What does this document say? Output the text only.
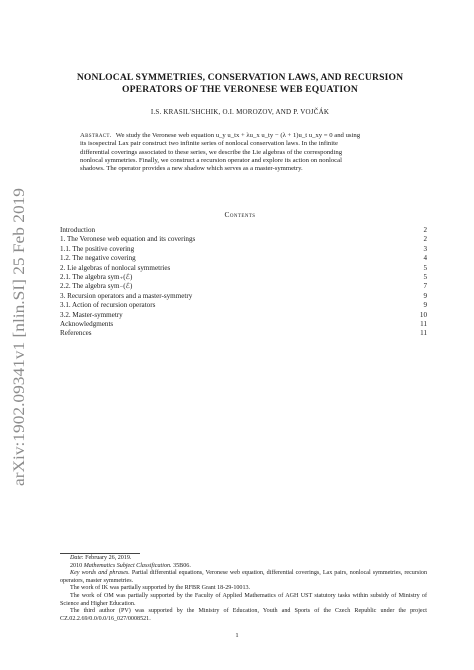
arXiv:1902.09341v1 [nlin.SI] 25 Feb 2019
NONLOCAL SYMMETRIES, CONSERVATION LAWS, AND RECURSION
OPERATORS OF THE VERONESE WEB EQUATION
I.S. KRASIL'SHCHIK, O.I. MOROZOV, AND P. VOJČÁK
Abstract. We study the Veronese web equation u_y u_tx + λu_x u_ty − (λ + 1)u_t u_xy = 0 and using
its isospectral Lax pair construct two infinite series of nonlocal conservation laws. In the infinite
differential coverings associated to these series, we describe the Lie algebras of the corresponding
nonlocal symmetries. Finally, we construct a recursion operator and explore its action on nonlocal
shadows. The operator provides a new shadow which serves as a master-symmetry.
Contents
Introduction	2
1. The Veronese web equation and its coverings	2
1.1. The positive covering	3
1.2. The negative covering	4
2. Lie algebras of nonlocal symmetries	5
2.1. The algebra sym₊(ℰ)	5
2.2. The algebra sym₋(ℰ)	7
3. Recursion operators and a master-symmetry	9
3.1. Action of recursion operators	9
3.2. Master-symmetry	10
Acknowledgments	11
References	11

Date: February 26, 2019.

2010 Mathematics Subject Classification. 35B06.

Key words and phrases. Partial differential equations, Veronese web equation, differential coverings, Lax pairs, nonlocal symmetries, recursion operators, master symmetries.

The work of IK was partially supported by the RFBR Grant 18-29-10013.

The work of OM was partially supported by the Faculty of Applied Mathematics of AGH UST statutory tasks within subsidy of Ministry of Science and Higher Education.

The third author (PV) was supported by the Ministry of Education, Youth and Sports of the Czech Republic under the project CZ.02.2.69/0.0/0.0/16_027/0008521.

1
